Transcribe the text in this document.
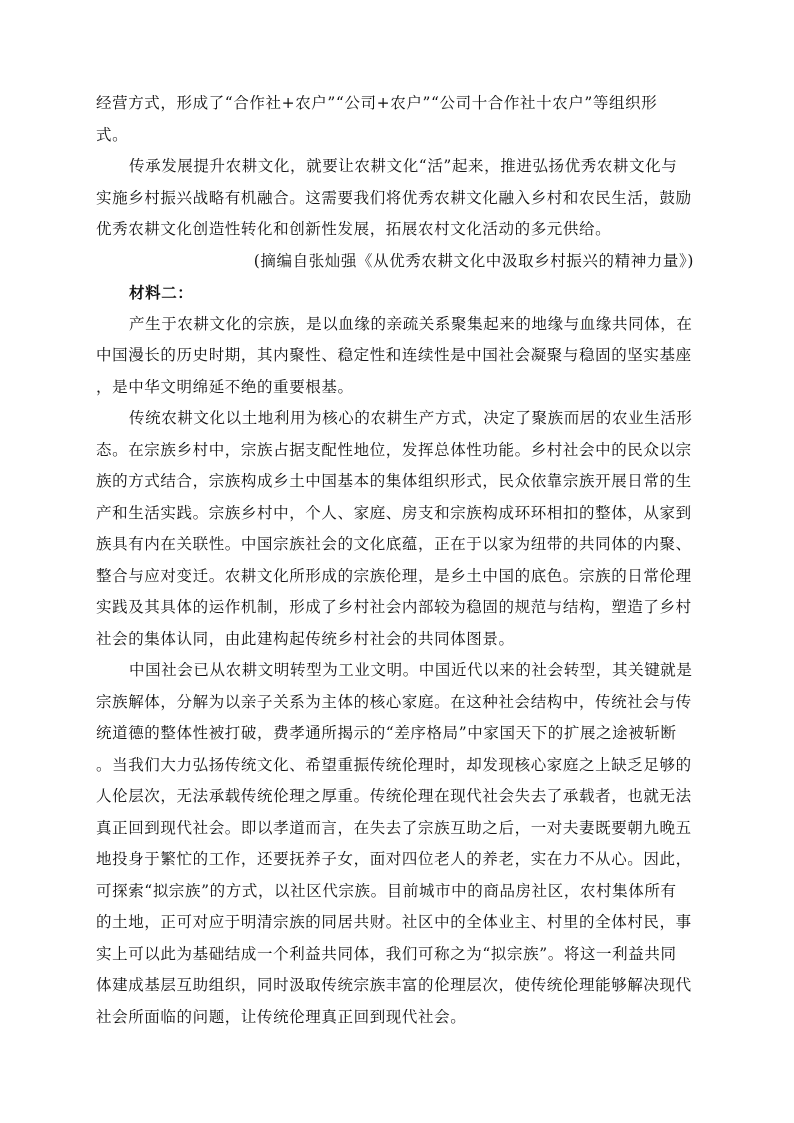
经营方式，形成了“合作社+农户”“公司+农户”“公司十合作社十农户”等组织形
式。
传承发展提升农耕文化，就要让农耕文化“活”起来，推进弘扬优秀农耕文化与
实施乡村振兴战略有机融合。这需要我们将优秀农耕文化融入乡村和农民生活，鼓励
优秀农耕文化创造性转化和创新性发展，拓展农村文化活动的多元供给。
(摘编自张灿强《从优秀农耕文化中汲取乡村振兴的精神力量》)
材料二：
产生于农耕文化的宗族，是以血缘的亲疏关系聚集起来的地缘与血缘共同体，在
中国漫长的历史时期，其内聚性、稳定性和连续性是中国社会凝聚与稳固的坚实基座
，是中华文明绵延不绝的重要根基。
传统农耕文化以土地利用为核心的农耕生产方式，决定了聚族而居的农业生活形
态。在宗族乡村中，宗族占据支配性地位，发挥总体性功能。乡村社会中的民众以宗
族的方式结合，宗族构成乡土中国基本的集体组织形式，民众依靠宗族开展日常的生
产和生活实践。宗族乡村中，个人、家庭、房支和宗族构成环环相扣的整体，从家到
族具有内在关联性。中国宗族社会的文化底蕴，正在于以家为纽带的共同体的内聚、
整合与应对变迁。农耕文化所形成的宗族伦理，是乡土中国的底色。宗族的日常伦理
实践及其具体的运作机制，形成了乡村社会内部较为稳固的规范与结构，塑造了乡村
社会的集体认同，由此建构起传统乡村社会的共同体图景。
中国社会已从农耕文明转型为工业文明。中国近代以来的社会转型，其关键就是
宗族解体，分解为以亲子关系为主体的核心家庭。在这种社会结构中，传统社会与传
统道德的整体性被打破，费孝通所揭示的“差序格局”中家国天下的扩展之途被斩断
。当我们大力弘扬传统文化、希望重振传统伦理时，却发现核心家庭之上缺乏足够的
人伦层次，无法承载传统伦理之厚重。传统伦理在现代社会失去了承载者，也就无法
真正回到现代社会。即以孝道而言，在失去了宗族互助之后，一对夫妻既要朝九晚五
地投身于繁忙的工作，还要抚养子女，面对四位老人的养老，实在力不从心。因此，
可探索“拟宗族”的方式，以社区代宗族。目前城市中的商品房社区，农村集体所有
的土地，正可对应于明清宗族的同居共财。社区中的全体业主、村里的全体村民，事
实上可以此为基础结成一个利益共同体，我们可称之为“拟宗族”。将这一利益共同
体建成基层互助组织，同时汲取传统宗族丰富的伦理层次，使传统伦理能够解决现代
社会所面临的问题，让传统伦理真正回到现代社会。
